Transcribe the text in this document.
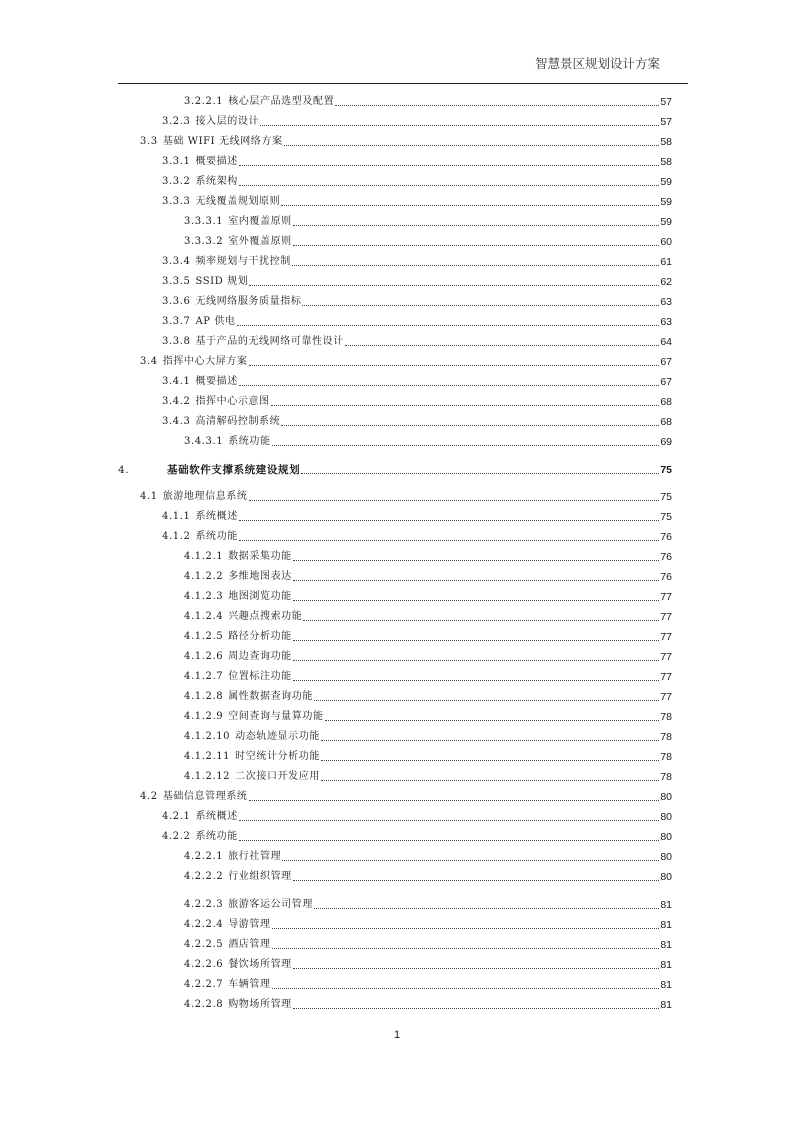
智慧景区规划设计方案
3.2.2.1 核心层产品选型及配置	57
3.2.3 接入层的设计	57
3.3 基础 WIFI 无线网络方案	58
3.3.1 概要描述	58
3.3.2 系统架构	59
3.3.3 无线覆盖规划原则	59
3.3.3.1 室内覆盖原则	59
3.3.3.2 室外覆盖原则	60
3.3.4 频率规划与干扰控制	61
3.3.5 SSID 规划	62
3.3.6 无线网络服务质量指标	63
3.3.7 AP 供电	63
3.3.8 基于产品的无线网络可靠性设计	64
3.4 指挥中心大屏方案	67
3.4.1 概要描述	67
3.4.2 指挥中心示意图	68
3.4.3 高清解码控制系统	68
3.4.3.1 系统功能	69
4.	基础软件支撑系统建设规划	75
4.1 旅游地理信息系统	75
4.1.1 系统概述	75
4.1.2 系统功能	76
4.1.2.1 数据采集功能	76
4.1.2.2 多维地图表达	76
4.1.2.3 地图浏览功能	77
4.1.2.4 兴趣点搜索功能	77
4.1.2.5 路径分析功能	77
4.1.2.6 周边查询功能	77
4.1.2.7 位置标注功能	77
4.1.2.8 属性数据查询功能	77
4.1.2.9 空间查询与量算功能	78
4.1.2.10 动态轨迹显示功能	78
4.1.2.11 时空统计分析功能	78
4.1.2.12 二次接口开发应用	78
4.2 基础信息管理系统	80
4.2.1 系统概述	80
4.2.2 系统功能	80
4.2.2.1 旅行社管理	80
4.2.2.2 行业组织管理	80
4.2.2.3 旅游客运公司管理	81
4.2.2.4 导游管理	81
4.2.2.5 酒店管理	81
4.2.2.6 餐饮场所管理	81
4.2.2.7 车辆管理	81
4.2.2.8 购物场所管理	81
1
